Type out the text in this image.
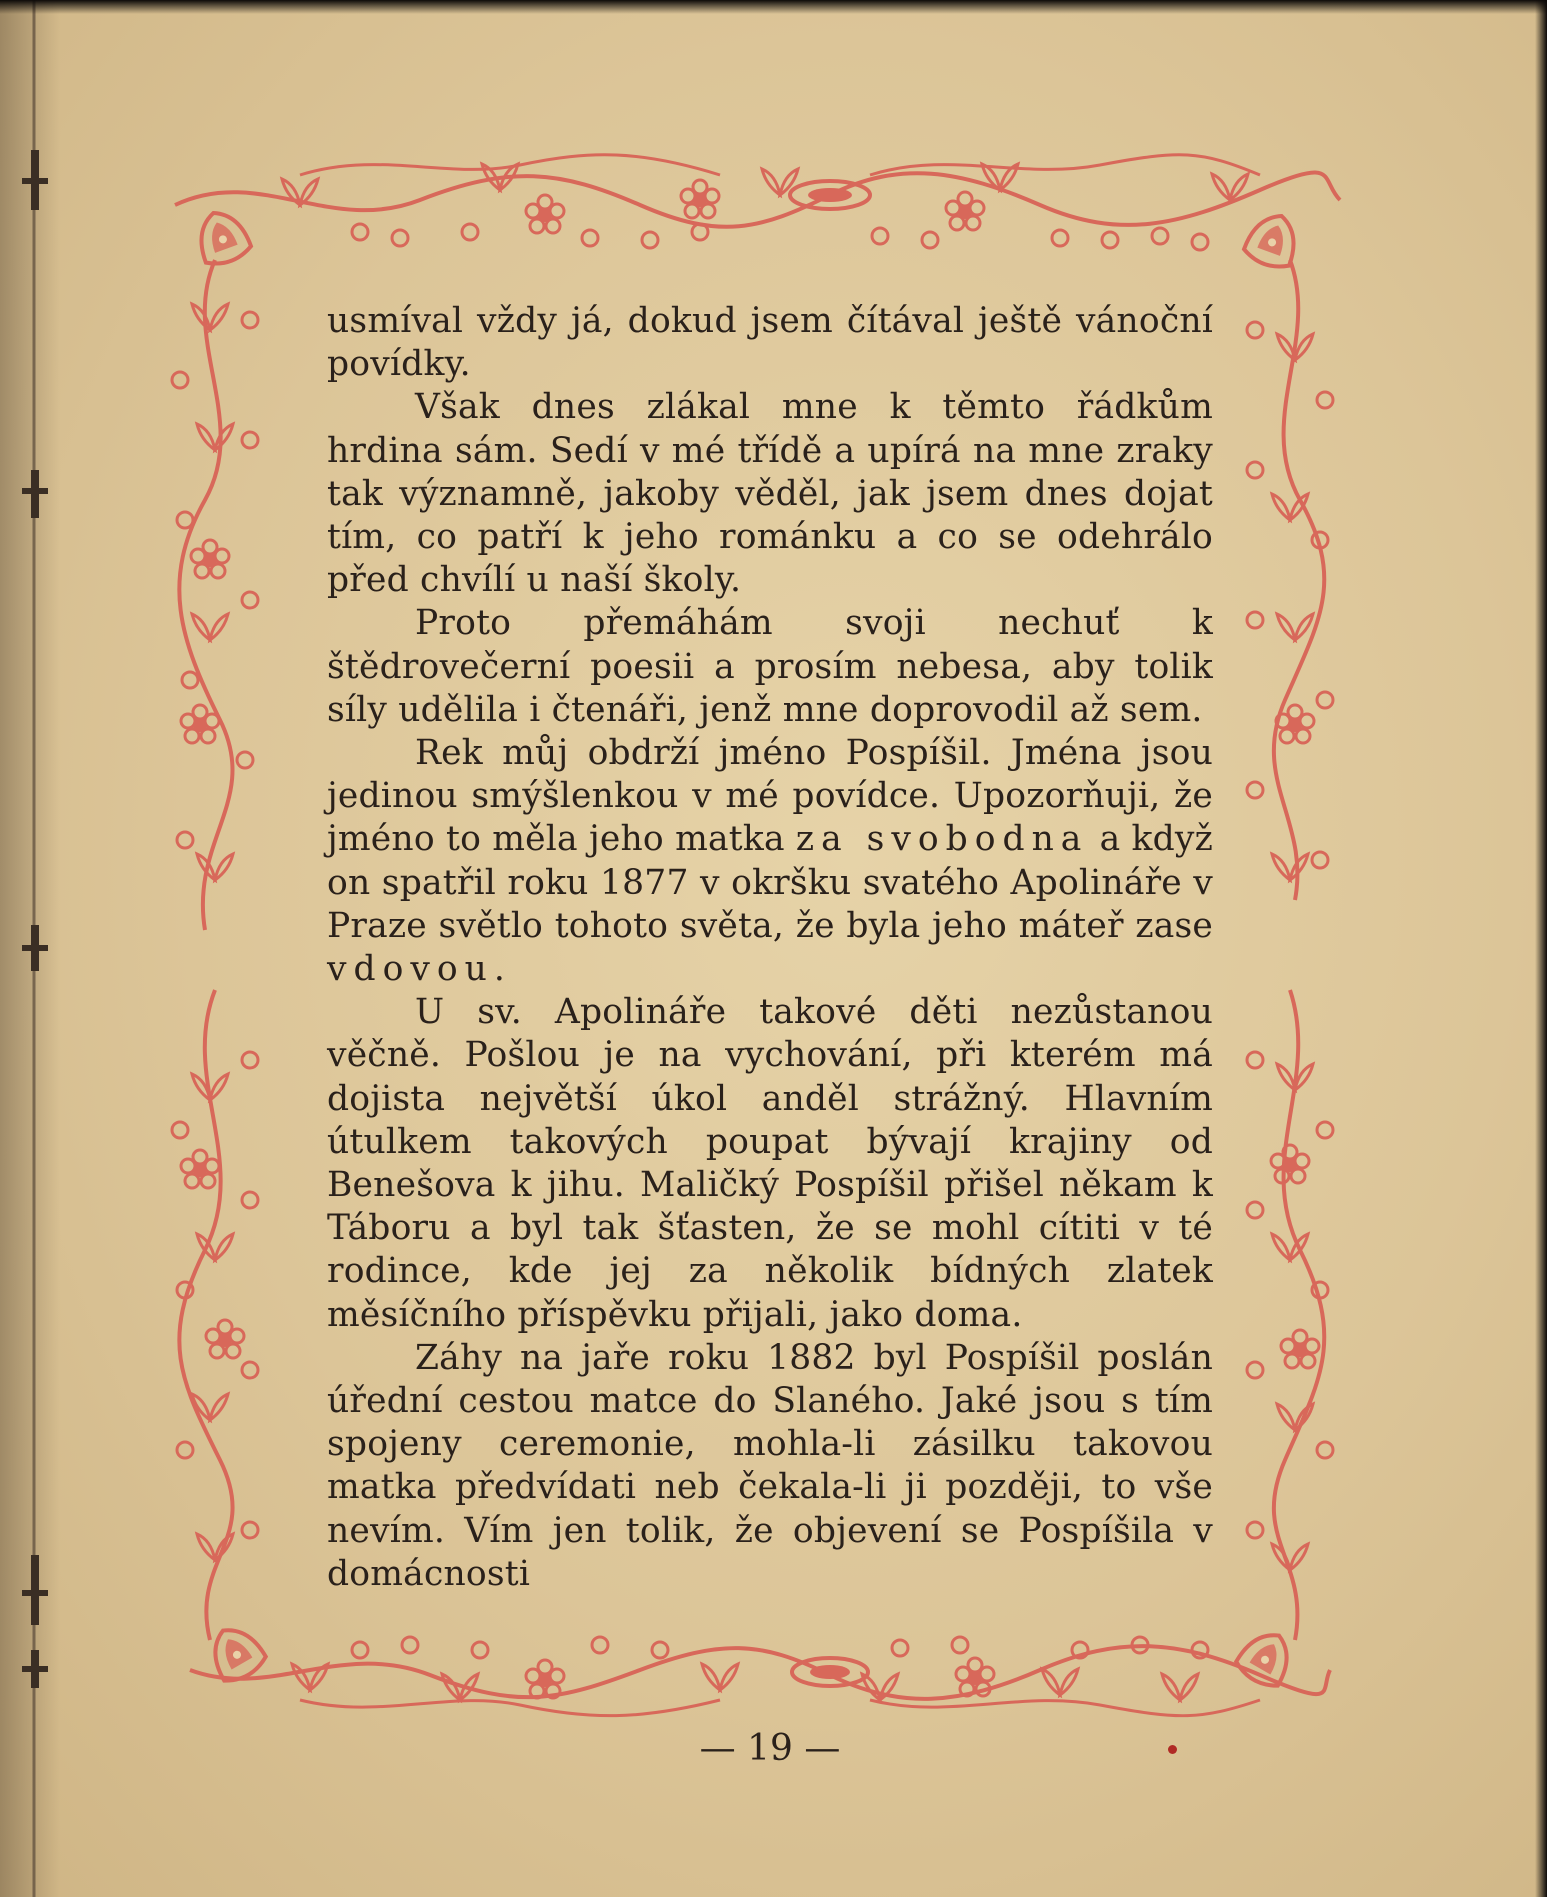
usmíval vždy já, dokud jsem čítával ještě vánoční povídky.

Však dnes zlákal mne k těmto řádkům hrdina sám. Sedí v mé třídě a upírá na mne zraky tak významně, jakoby věděl, jak jsem dnes dojat tím, co patří k jeho románku a co se odehrálo před chvílí u naší školy.

Proto přemáhám svoji nechuť k štědrovečerní poesii a prosím nebesa, aby tolik síly udělila i čtenáři, jenž mne doprovodil až sem.

Rek můj obdrží jméno Pospíšil. Jména jsou jedinou smýšlenkou v mé povídce. Upozorňuji, že jméno to měla jeho matka za svobodna a když on spatřil roku 1877 v okršku svatého Apolináře v Praze světlo tohoto světa, že byla jeho máteř zase vdovou.

U sv. Apolináře takové děti nezůstanou věčně. Pošlou je na vychování, při kterém má dojista největší úkol anděl strážný. Hlavním útulkem takových poupat bývají krajiny od Benešova k jihu. Maličký Pospíšil přišel někam k Táboru a byl tak šťasten, že se mohl cítiti v té rodince, kde jej za několik bídných zlatek měsíčního příspěvku přijali, jako doma.

Záhy na jaře roku 1882 byl Pospíšil poslán úřední cestou matce do Slaného. Jaké jsou s tím spojeny ceremonie, mohla-li zásilku takovou matka předvídati neb čekala-li ji později, to vše nevím. Vím jen tolik, že objevení se Pospíšila v domácnosti

— 19 —
